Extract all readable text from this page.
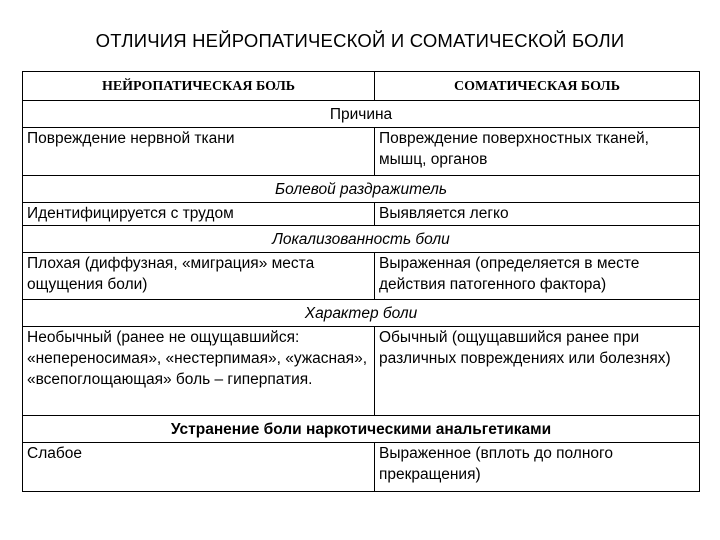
ОТЛИЧИЯ НЕЙРОПАТИЧЕСКОЙ И СОМАТИЧЕСКОЙ БОЛИ
НЕЙРОПАТИЧЕСКАЯ БОЛЬ	СОМАТИЧЕСКАЯ БОЛЬ
Причина	
Повреждение нервной ткани	Повреждение поверхностных тканей, мышц, органов
Болевой раздражитель	
Идентифицируется с трудом	Выявляется легко
Локализованность боли	
Плохая (диффузная, «миграция» места ощущения боли)	Выраженная (определяется в месте действия патогенного фактора)
Характер боли	
Необычный (ранее не ощущавшийся: «непереносимая», «нестерпимая», «ужасная», «всепоглощающая» боль – гиперпатия.	Обычный (ощущавшийся ранее при различных повреждениях или болезнях)
Устранение боли наркотическими анальгетиками	
Слабое	Выраженное (вплоть до полного прекращения)
